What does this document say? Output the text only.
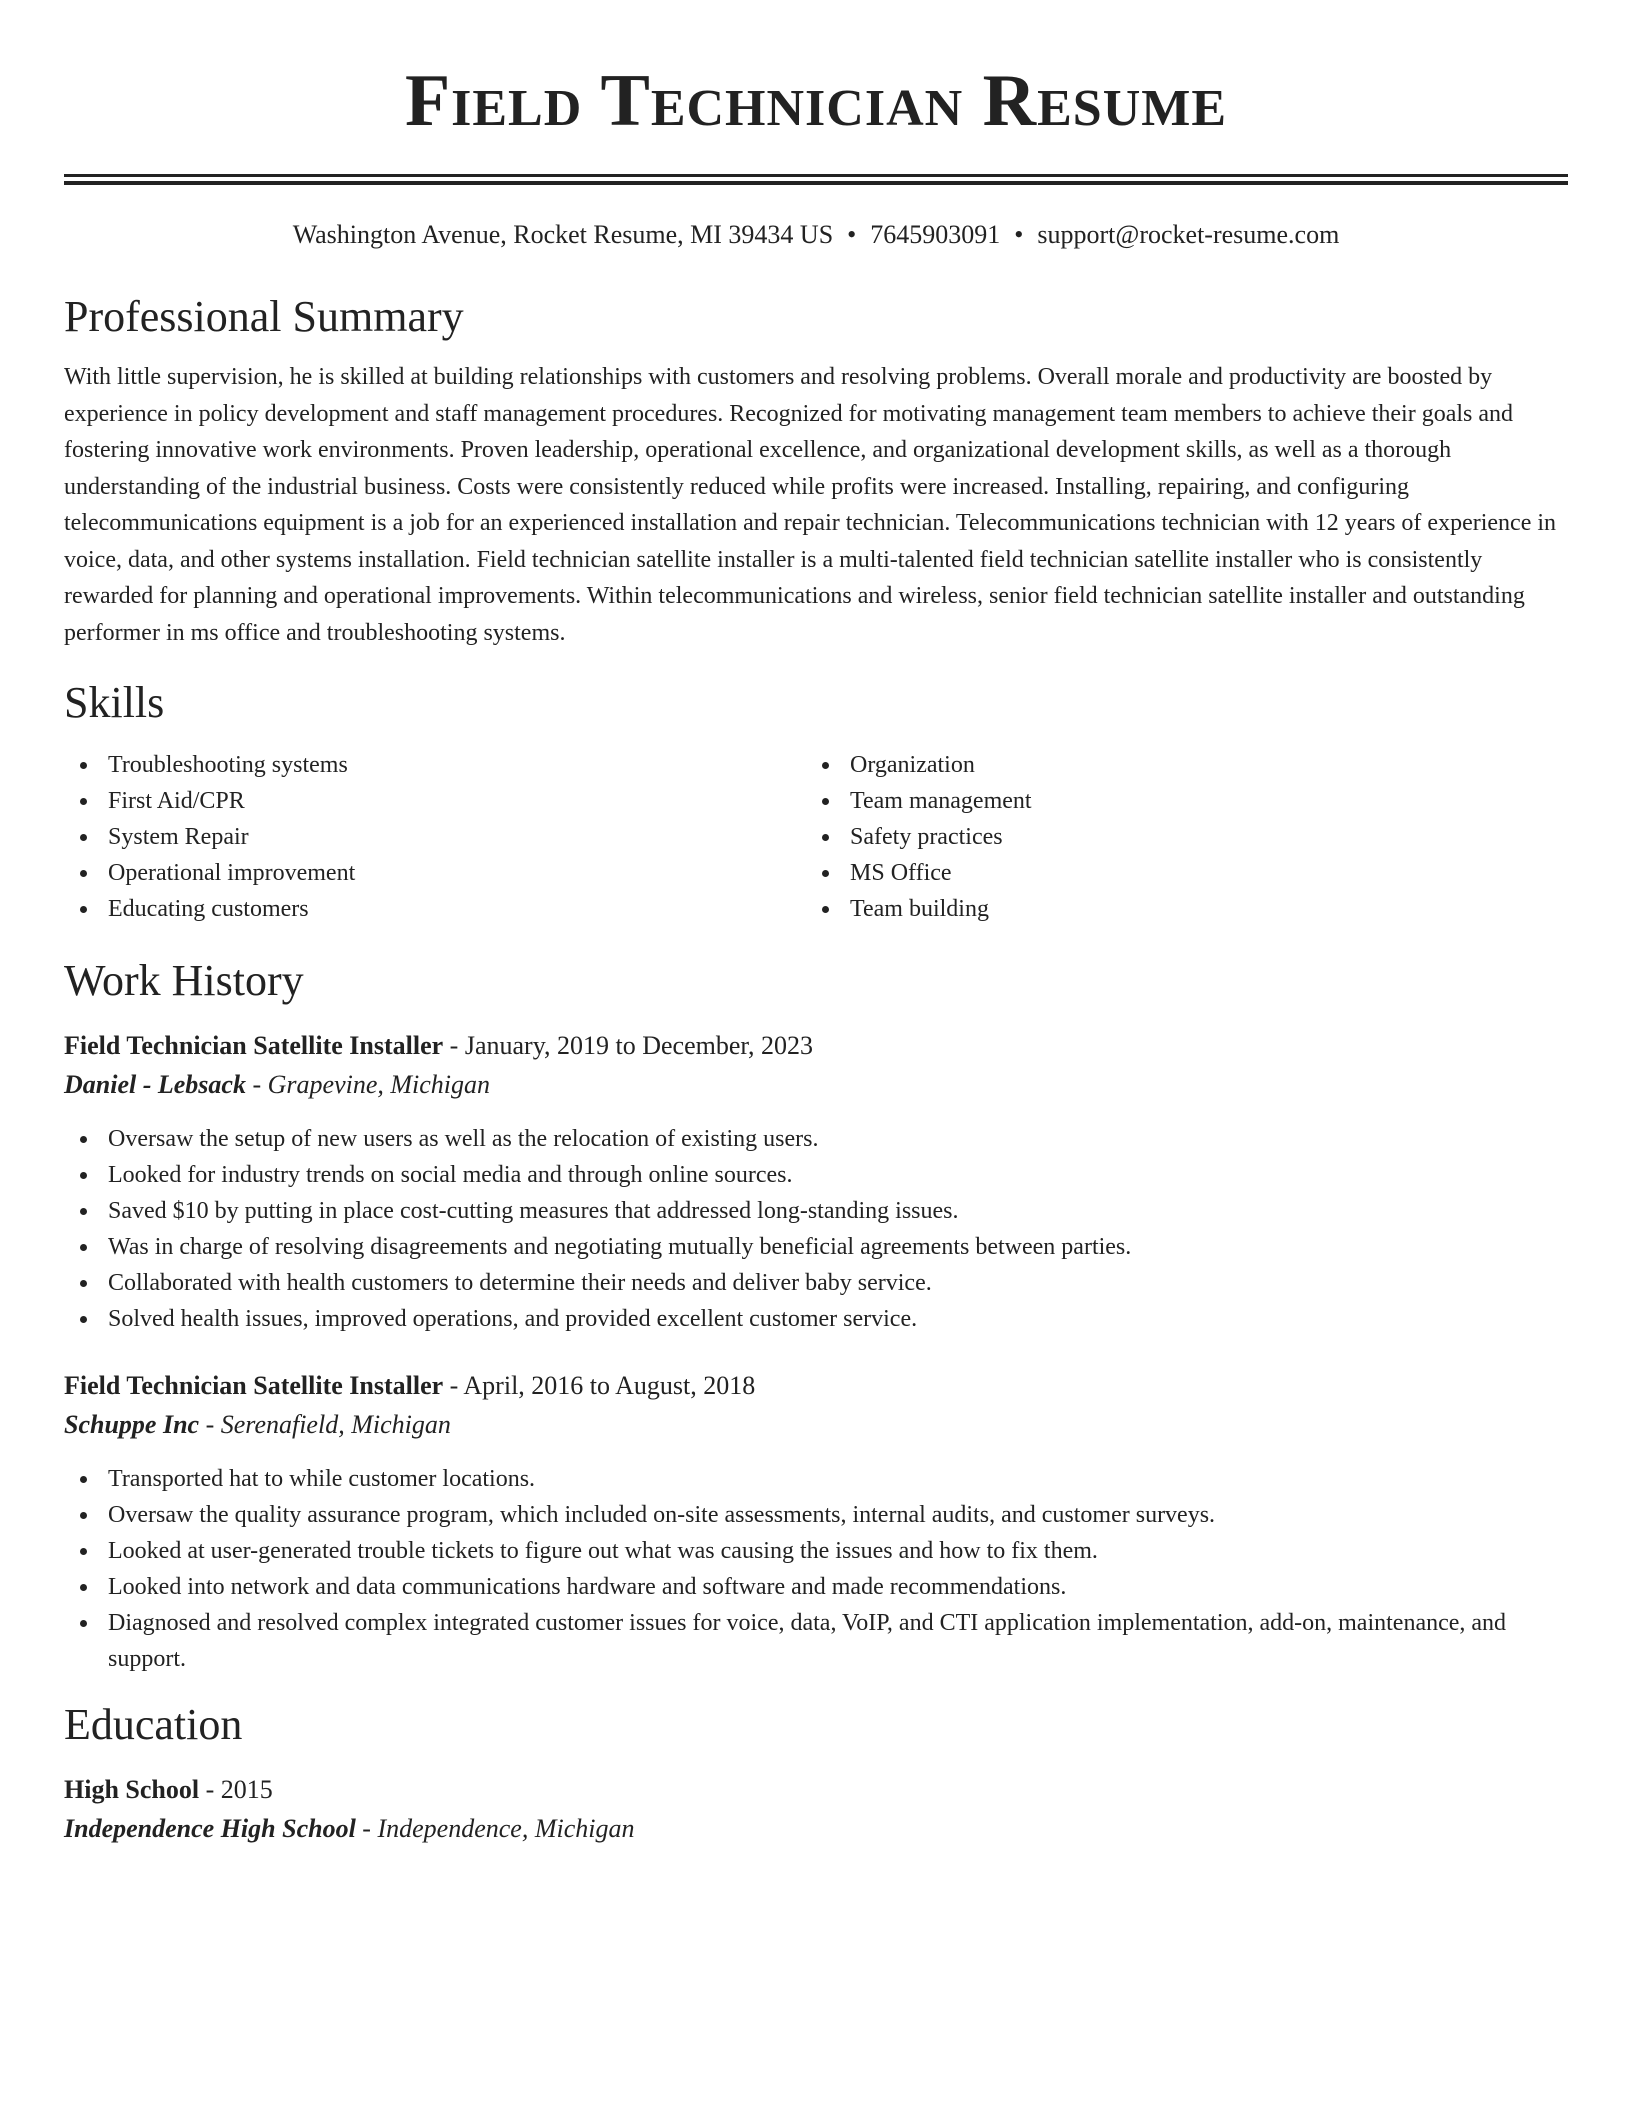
Field Technician Resume
Washington Avenue, Rocket Resume, MI 39434 US • 7645903091 • support@rocket-resume.com
Professional Summary
With little supervision, he is skilled at building relationships with customers and resolving problems. Overall morale and productivity are boosted by experience in policy development and staff management procedures. Recognized for motivating management team members to achieve their goals and fostering innovative work environments. Proven leadership, operational excellence, and organizational development skills, as well as a thorough understanding of the industrial business. Costs were consistently reduced while profits were increased. Installing, repairing, and configuring telecommunications equipment is a job for an experienced installation and repair technician. Telecommunications technician with 12 years of experience in voice, data, and other systems installation. Field technician satellite installer is a multi-talented field technician satellite installer who is consistently rewarded for planning and operational improvements. Within telecommunications and wireless, senior field technician satellite installer and outstanding performer in ms office and troubleshooting systems.
Skills
Troubleshooting systems
First Aid/CPR
System Repair
Operational improvement
Educating customers
Organization
Team management
Safety practices
MS Office
Team building
Work History
Field Technician Satellite Installer - January, 2019 to December, 2023
Daniel - Lebsack - Grapevine, Michigan
Oversaw the setup of new users as well as the relocation of existing users.
Looked for industry trends on social media and through online sources.
Saved $10 by putting in place cost-cutting measures that addressed long-standing issues.
Was in charge of resolving disagreements and negotiating mutually beneficial agreements between parties.
Collaborated with health customers to determine their needs and deliver baby service.
Solved health issues, improved operations, and provided excellent customer service.
Field Technician Satellite Installer - April, 2016 to August, 2018
Schuppe Inc - Serenafield, Michigan
Transported hat to while customer locations.
Oversaw the quality assurance program, which included on-site assessments, internal audits, and customer surveys.
Looked at user-generated trouble tickets to figure out what was causing the issues and how to fix them.
Looked into network and data communications hardware and software and made recommendations.
Diagnosed and resolved complex integrated customer issues for voice, data, VoIP, and CTI application implementation, add-on, maintenance, and support.
Education
High School - 2015
Independence High School - Independence, Michigan
